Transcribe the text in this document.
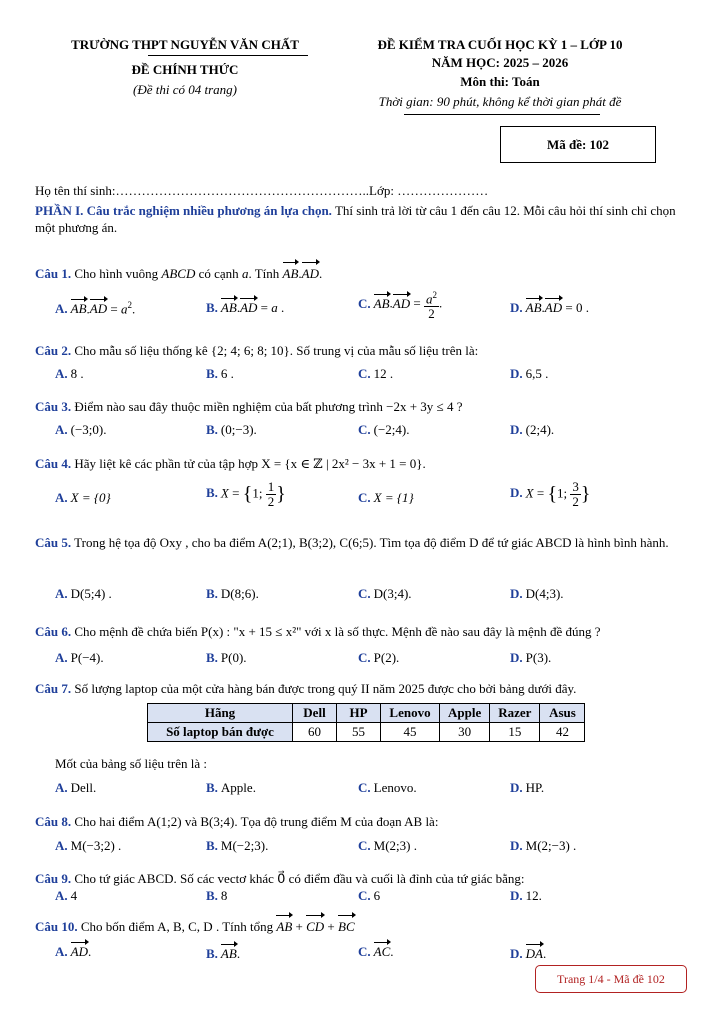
TRƯỜNG THPT NGUYỄN VĂN CHẤT
ĐỀ CHÍNH THỨC
(Đề thi có 04 trang)
ĐỀ KIỂM TRA CUỐI HỌC KỲ 1 – LỚP 10
NĂM HỌC: 2025 – 2026
Môn thi: Toán
Thời gian: 90 phút, không kể thời gian phát đề
Mã đề: 102
Họ tên thí sinh:…………………………………………………..Lớp: …………………
PHẦN I. Câu trắc nghiệm nhiều phương án lựa chọn. Thí sinh trả lời từ câu 1 đến câu 12. Mỗi câu hỏi thí sinh chỉ chọn một phương án.
Câu 1. Cho hình vuông ABCD có cạnh a. Tính AB.AD.
A. $AB.AD = a^2$.	B. AB.AD = a .	C. $AB.AD = \frac{a^2}{2}$ .	D. AB.AD = 0 .
Câu 2. Cho mẫu số liệu thống kê {2; 4; 6; 8; 10}. Số trung vị của mẫu số liệu trên là:
A. 8 .	B. 6 .	C. 12 .	D. 6,5 .
Câu 3. Điểm nào sau đây thuộc miền nghiệm của bất phương trình −2x + 3y ≤ 4 ?
A. (−3;0).	B. (0;−3).	C. (−2;4).	D. (2;4).
Câu 4. Hãy liệt kê các phần tử của tập hợp X = {x ∈ ℤ | 2x² − 3x + 1 = 0}.
A. X = {0}	B. X = {1; $\frac{1}{2}$ }	C. X = {1}	D. X = {1; $\frac{3}{2}$ }
Câu 5. Trong hệ tọa độ Oxy , cho ba điểm A(2;1), B(3;2), C(6;5). Tìm tọa độ điểm D để tứ giác ABCD là hình bình hành.
A. D(5;4) .	B. D(8;6).	C. D(3;4).	D. D(4;3).
Câu 6. Cho mệnh đề chứa biến P(x) : "x + 15 ≤ x²" với x là số thực. Mệnh đề nào sau đây là mệnh đề đúng ?
A. P(−4).	B. P(0).	C. P(2).	D. P(3).
Câu 7. Số lượng laptop của một cửa hàng bán được trong quý II năm 2025 được cho bởi bảng dưới đây.
Hãng	Dell	HP	Lenovo	Apple	Razer	Asus
Số laptop bán được	60	55	45	30	15	42
Mốt của bảng số liệu trên là :
A. Dell.	B. Apple.	C. Lenovo.	D. HP.
Câu 8. Cho hai điểm A(1;2) và B(3;4). Tọa độ trung điểm M của đoạn AB là:
A. M(−3;2) .	B. M(−2;3).	C. M(2;3) .	D. M(2;−3) .
Câu 9. Cho tứ giác ABCD. Số các vectơ khác 0⃗ có điểm đầu và cuối là đỉnh của tứ giác bằng:
A. 4	B. 8	C. 6	D. 12.
Câu 10. Cho bốn điểm A, B, C, D . Tính tổng AB + CD + BC
A. AD.	B. AB.	C. AC.	D. DA.
Trang 1/4 - Mã đề 102
